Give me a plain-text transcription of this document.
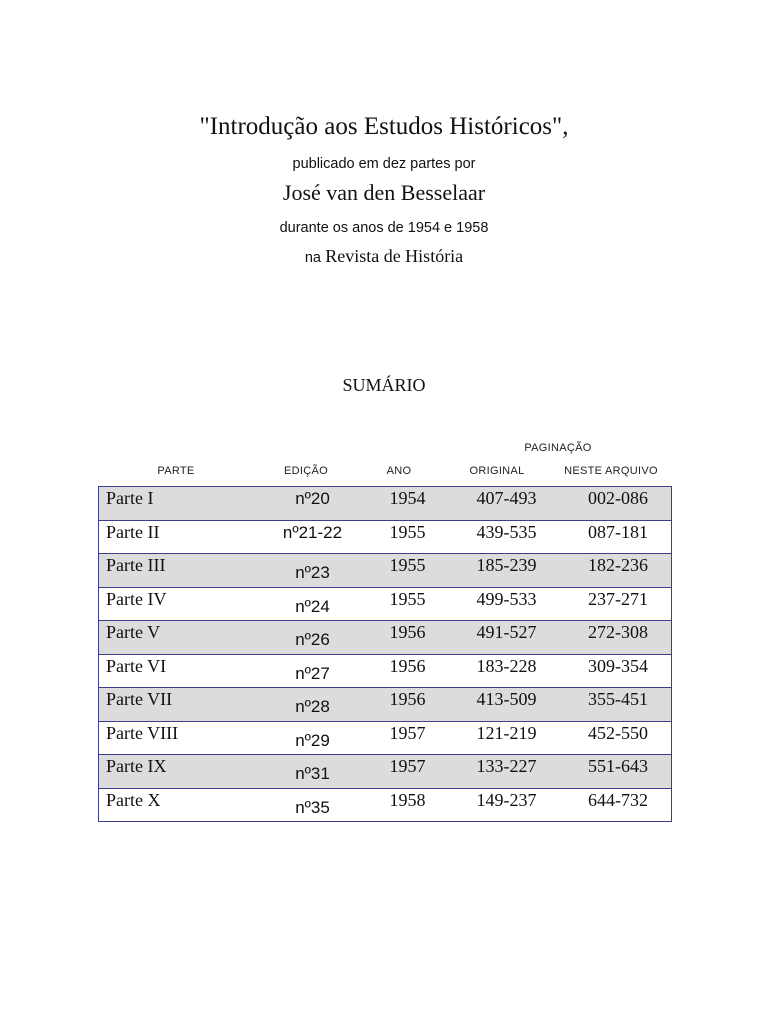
"Introdução aos Estudos Históricos",
publicado em dez partes por
José van den Besselaar
durante os anos de 1954 e 1958
na Revista de História
SUMÁRIO
PAGINAÇÃO
PARTE	EDIÇÃO	ANO	ORIGINAL	NESTE ARQUIVO
Parte I	nº20	1954	407-493	002-086
Parte II	nº21-22	1955	439-535	087-181
Parte III	nº23	1955	185-239	182-236
Parte IV	nº24	1955	499-533	237-271
Parte V	nº26	1956	491-527	272-308
Parte VI	nº27	1956	183-228	309-354
Parte VII	nº28	1956	413-509	355-451
Parte VIII	nº29	1957	121-219	452-550
Parte IX	nº31	1957	133-227	551-643
Parte X	nº35	1958	149-237	644-732
